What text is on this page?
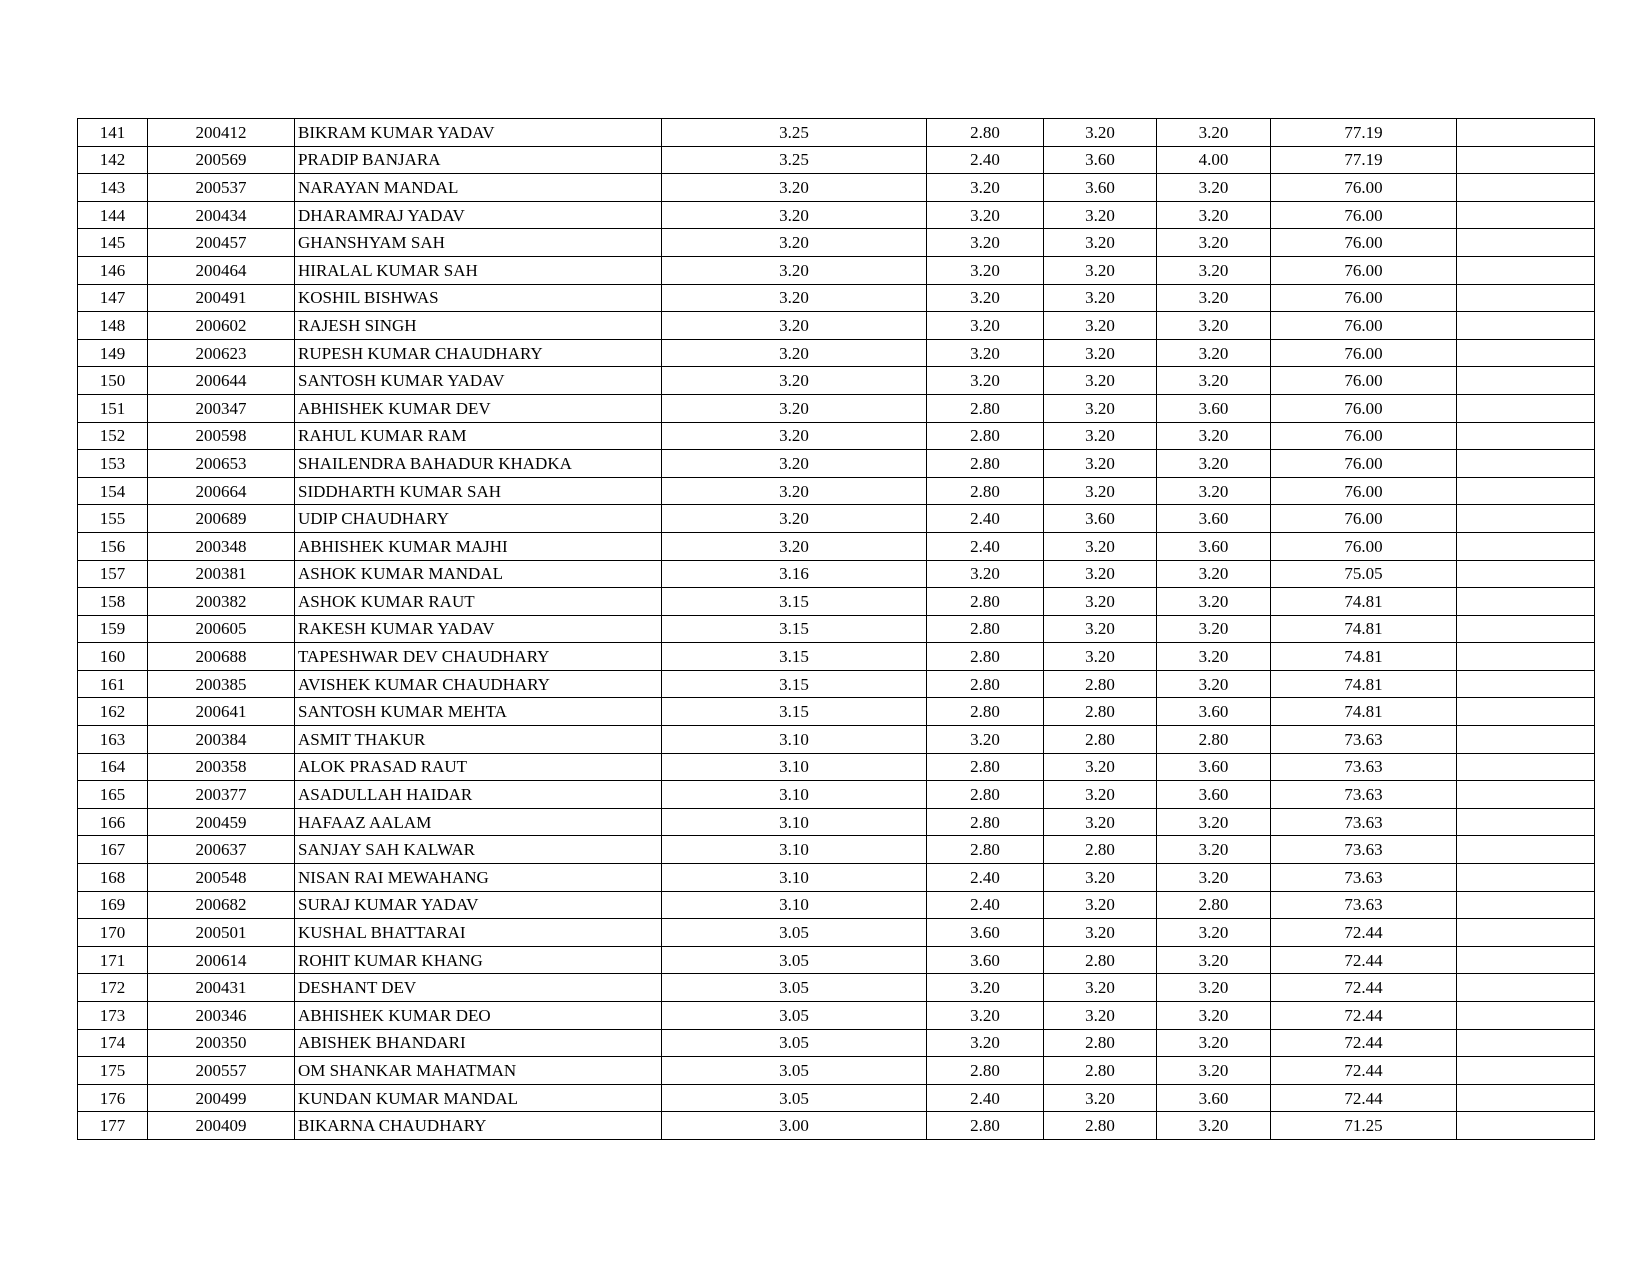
141	200412	BIKRAM KUMAR YADAV	3.25	2.80	3.20	3.20	77.19	
142	200569	PRADIP BANJARA	3.25	2.40	3.60	4.00	77.19	
143	200537	NARAYAN MANDAL	3.20	3.20	3.60	3.20	76.00	
144	200434	DHARAMRAJ YADAV	3.20	3.20	3.20	3.20	76.00	
145	200457	GHANSHYAM SAH	3.20	3.20	3.20	3.20	76.00	
146	200464	HIRALAL KUMAR SAH	3.20	3.20	3.20	3.20	76.00	
147	200491	KOSHIL BISHWAS	3.20	3.20	3.20	3.20	76.00	
148	200602	RAJESH SINGH	3.20	3.20	3.20	3.20	76.00	
149	200623	RUPESH KUMAR CHAUDHARY	3.20	3.20	3.20	3.20	76.00	
150	200644	SANTOSH KUMAR YADAV	3.20	3.20	3.20	3.20	76.00	
151	200347	ABHISHEK KUMAR DEV	3.20	2.80	3.20	3.60	76.00	
152	200598	RAHUL KUMAR RAM	3.20	2.80	3.20	3.20	76.00	
153	200653	SHAILENDRA BAHADUR KHADKA	3.20	2.80	3.20	3.20	76.00	
154	200664	SIDDHARTH KUMAR SAH	3.20	2.80	3.20	3.20	76.00	
155	200689	UDIP CHAUDHARY	3.20	2.40	3.60	3.60	76.00	
156	200348	ABHISHEK KUMAR MAJHI	3.20	2.40	3.20	3.60	76.00	
157	200381	ASHOK KUMAR MANDAL	3.16	3.20	3.20	3.20	75.05	
158	200382	ASHOK KUMAR RAUT	3.15	2.80	3.20	3.20	74.81	
159	200605	RAKESH KUMAR YADAV	3.15	2.80	3.20	3.20	74.81	
160	200688	TAPESHWAR DEV CHAUDHARY	3.15	2.80	3.20	3.20	74.81	
161	200385	AVISHEK KUMAR CHAUDHARY	3.15	2.80	2.80	3.20	74.81	
162	200641	SANTOSH KUMAR MEHTA	3.15	2.80	2.80	3.60	74.81	
163	200384	ASMIT THAKUR	3.10	3.20	2.80	2.80	73.63	
164	200358	ALOK PRASAD RAUT	3.10	2.80	3.20	3.60	73.63	
165	200377	ASADULLAH HAIDAR	3.10	2.80	3.20	3.60	73.63	
166	200459	HAFAAZ AALAM	3.10	2.80	3.20	3.20	73.63	
167	200637	SANJAY SAH KALWAR	3.10	2.80	2.80	3.20	73.63	
168	200548	NISAN RAI MEWAHANG	3.10	2.40	3.20	3.20	73.63	
169	200682	SURAJ KUMAR YADAV	3.10	2.40	3.20	2.80	73.63	
170	200501	KUSHAL BHATTARAI	3.05	3.60	3.20	3.20	72.44	
171	200614	ROHIT KUMAR KHANG	3.05	3.60	2.80	3.20	72.44	
172	200431	DESHANT DEV	3.05	3.20	3.20	3.20	72.44	
173	200346	ABHISHEK KUMAR DEO	3.05	3.20	3.20	3.20	72.44	
174	200350	ABISHEK BHANDARI	3.05	3.20	2.80	3.20	72.44	
175	200557	OM SHANKAR MAHATMAN	3.05	2.80	2.80	3.20	72.44	
176	200499	KUNDAN KUMAR MANDAL	3.05	2.40	3.20	3.60	72.44	
177	200409	BIKARNA CHAUDHARY	3.00	2.80	2.80	3.20	71.25	
